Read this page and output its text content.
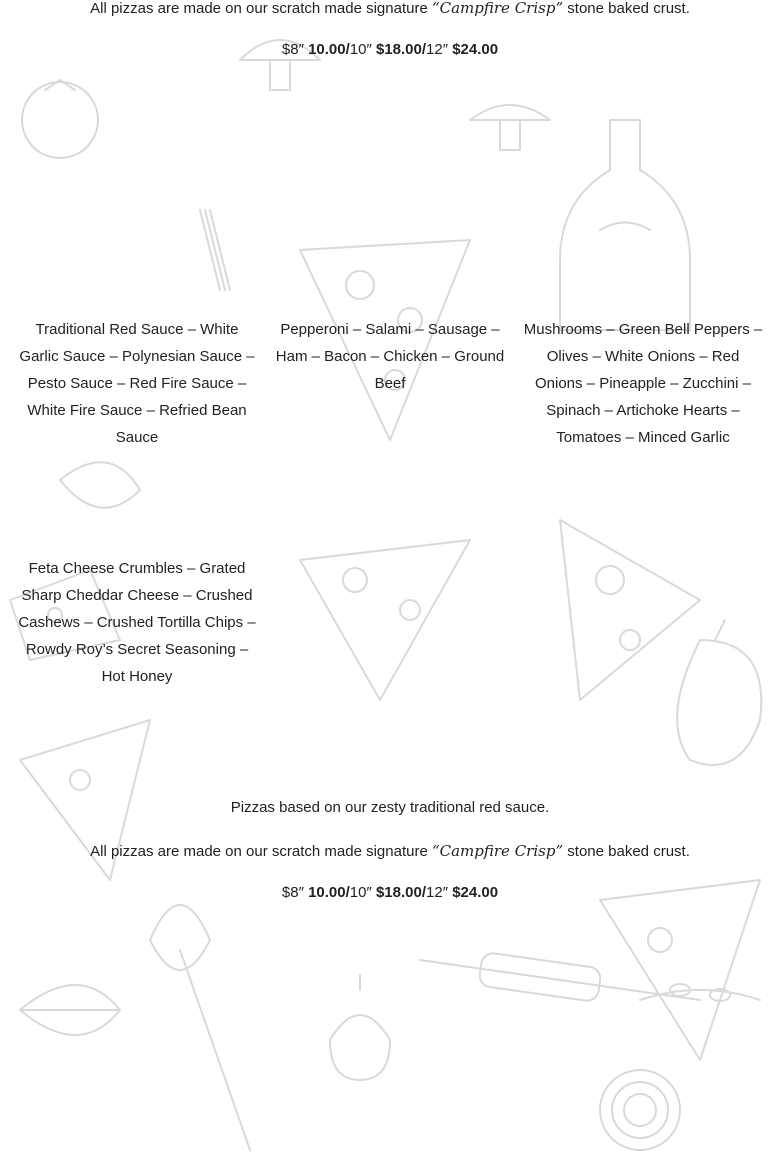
All pizzas are made on our scratch made signature “Campfire Crisp” stone baked crust.
$8″ 10.00/10″ $18.00/12″ $24.00
Traditional Red Sauce – White Garlic Sauce – Polynesian Sauce – Pesto Sauce – Red Fire Sauce – White Fire Sauce – Refried Bean Sauce
Pepperoni – Salami – Sausage – Ham – Bacon – Chicken – Ground Beef
Mushrooms – Green Bell Peppers – Olives – White Onions – Red Onions – Pineapple – Zucchini – Spinach – Artichoke Hearts – Tomatoes – Minced Garlic
Feta Cheese Crumbles – Grated Sharp Cheddar Cheese – Crushed Cashews – Crushed Tortilla Chips – Rowdy Roy’s Secret Seasoning – Hot Honey
Pizzas based on our zesty traditional red sauce.
All pizzas are made on our scratch made signature “Campfire Crisp” stone baked crust.
$8″ 10.00/10″ $18.00/12″ $24.00
